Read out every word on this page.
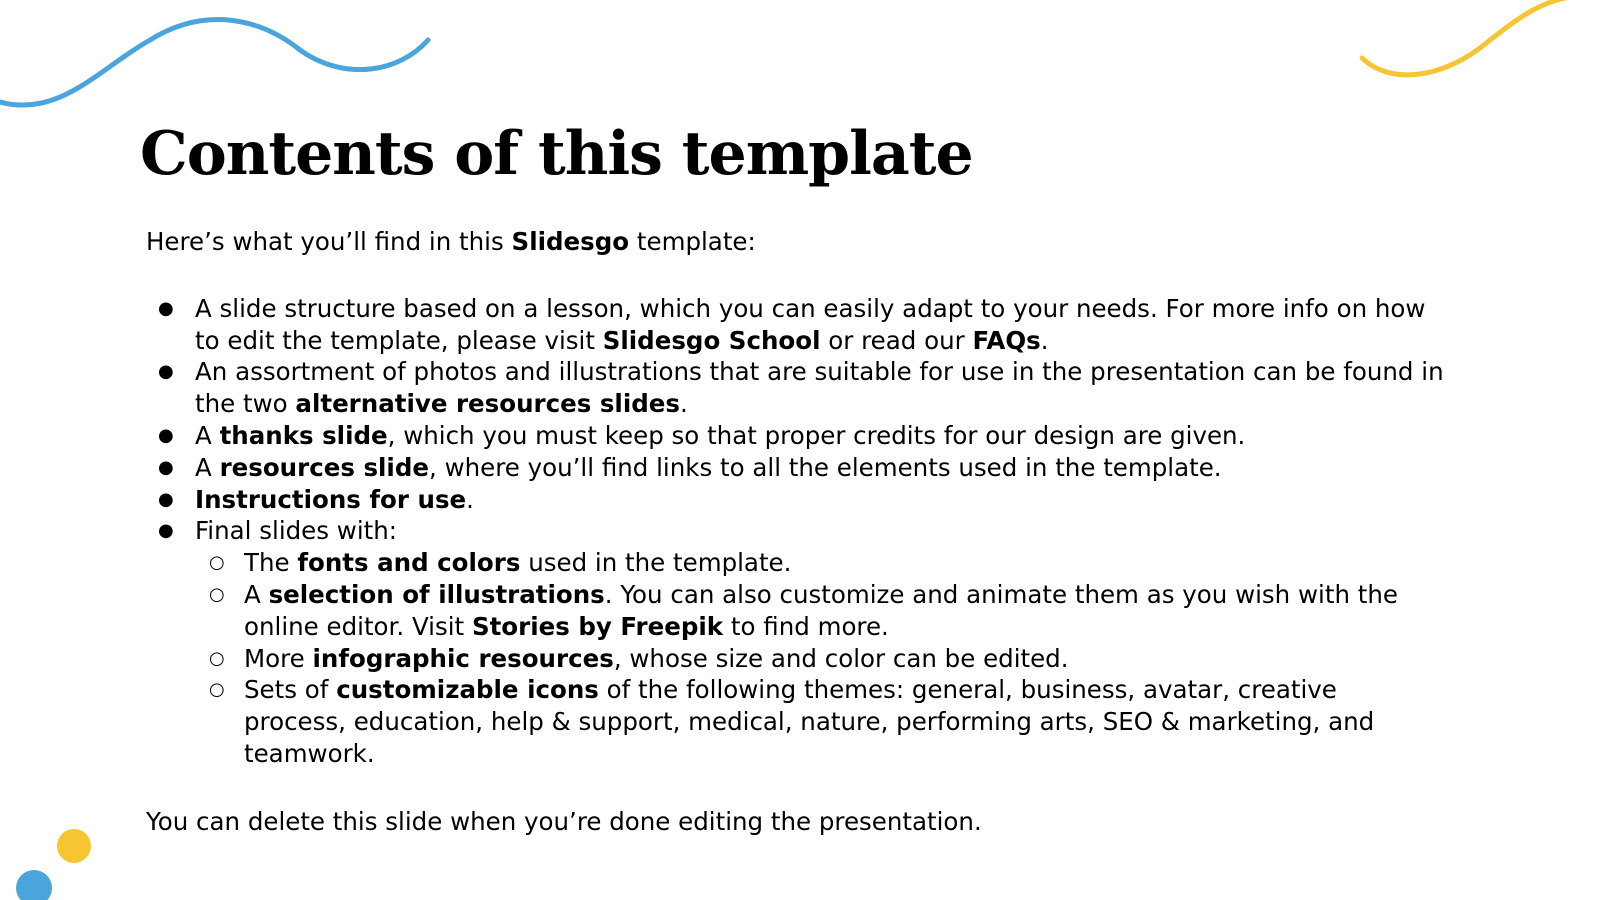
Contents of this template

Here’s what you’ll find in this Slidesgo template:

● A slide structure based on a lesson, which you can easily adapt to your needs. For more info on how to edit the template, please visit Slidesgo School or read our FAQs.
● An assortment of photos and illustrations that are suitable for use in the presentation can be found in the two alternative resources slides.
● A thanks slide, which you must keep so that proper credits for our design are given.
● A resources slide, where you’ll find links to all the elements used in the template.
● Instructions for use.
● Final slides with:
○ The fonts and colors used in the template.
○ A selection of illustrations. You can also customize and animate them as you wish with the online editor. Visit Stories by Freepik to find more.
○ More infographic resources, whose size and color can be edited.
○ Sets of customizable icons of the following themes: general, business, avatar, creative process, education, help & support, medical, nature, performing arts, SEO & marketing, and teamwork.

You can delete this slide when you’re done editing the presentation.
